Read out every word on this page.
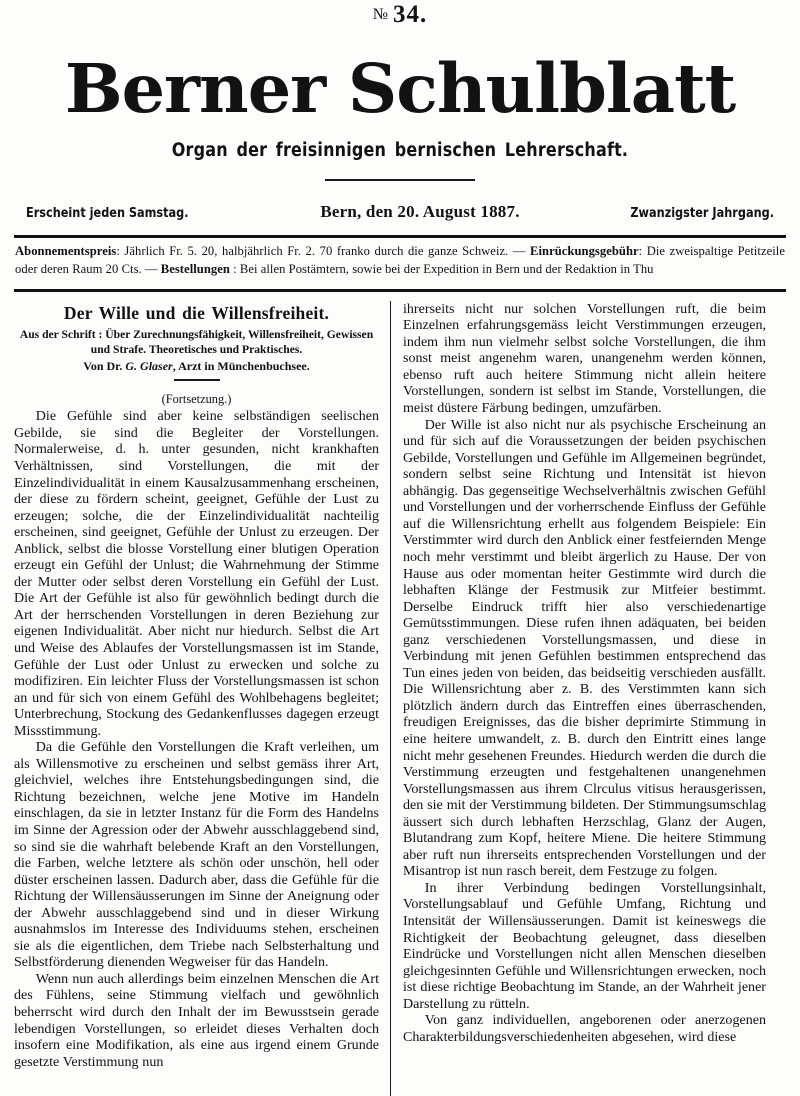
№ 34.
Berner Schulblatt
Organ der freisinnigen bernischen Lehrerschaft.
Erscheint jeden Samstag.	Bern, den 20. August 1887.	Zwanzigster Jahrgang.
Abonnementspreis: Jährlich Fr. 5. 20, halbjährlich Fr. 2. 70 franko durch die ganze Schweiz. — Einrückungsgebühr: Die zweispaltige Petitzeile oder deren Raum 20 Cts. — Bestellungen : Bei allen Postämtern, sowie bei der Expedition in Bern und der Redaktion in Thu
Der Wille und die Willensfreiheit.
Aus der Schrift : Über Zurechnungsfähigkeit, Willensfreiheit, Gewissen
und Strafe. Theoretisches und Praktisches.
Von Dr. G. Glaser, Arzt in Münchenbuchsee.
(Fortsetzung.)

Die Gefühle sind aber keine selbständigen seelischen Gebilde, sie sind die Begleiter der Vorstellungen. Normalerweise, d. h. unter gesunden, nicht krankhaften Verhältnissen, sind Vorstellungen, die mit der Einzelindividualität in einem Kausalzusammenhang erscheinen, der diese zu fördern scheint, geeignet, Gefühle der Lust zu erzeugen; solche, die der Einzelindividualität nachteilig erscheinen, sind geeignet, Gefühle der Unlust zu erzeugen. Der Anblick, selbst die blosse Vorstellung einer blutigen Operation erzeugt ein Gefühl der Unlust; die Wahrnehmung der Stimme der Mutter oder selbst deren Vorstellung ein Gefühl der Lust. Die Art der Gefühle ist also für gewöhnlich bedingt durch die Art der herrschenden Vorstellungen in deren Beziehung zur eigenen Individualität. Aber nicht nur hiedurch. Selbst die Art und Weise des Ablaufes der Vorstellungsmassen ist im Stande, Gefühle der Lust oder Unlust zu erwecken und solche zu modifiziren. Ein leichter Fluss der Vorstellungsmassen ist schon an und für sich von einem Gefühl des Wohlbehagens begleitet; Unterbrechung, Stockung des Gedankenflusses dagegen erzeugt Missstimmung.

Da die Gefühle den Vorstellungen die Kraft verleihen, um als Willensmotive zu erscheinen und selbst gemäss ihrer Art, gleichviel, welches ihre Entstehungsbedingungen sind, die Richtung bezeichnen, welche jene Motive im Handeln einschlagen, da sie in letzter Instanz für die Form des Handelns im Sinne der Agression oder der Abwehr ausschlaggebend sind, so sind sie die wahrhaft belebende Kraft an den Vorstellungen, die Farben, welche letztere als schön oder unschön, hell oder düster erscheinen lassen. Dadurch aber, dass die Gefühle für die Richtung der Willensäusserungen im Sinne der Aneignung oder der Abwehr ausschlaggebend sind und in dieser Wirkung ausnahmslos im Interesse des Individuums stehen, erscheinen sie als die eigentlichen, dem Triebe nach Selbsterhaltung und Selbstförderung dienenden Wegweiser für das Handeln.

Wenn nun auch allerdings beim einzelnen Menschen die Art des Fühlens, seine Stimmung vielfach und gewöhnlich beherrscht wird durch den Inhalt der im Bewusstsein gerade lebendigen Vorstellungen, so erleidet dieses Verhalten doch insofern eine Modifikation, als eine aus irgend einem Grunde gesetzte Verstimmung nun

ihrerseits nicht nur solchen Vorstellungen ruft, die beim Einzelnen erfahrungsgemäss leicht Verstimmungen erzeugen, indem ihm nun vielmehr selbst solche Vorstellungen, die ihm sonst meist angenehm waren, unangenehm werden können, ebenso ruft auch heitere Stimmung nicht allein heitere Vorstellungen, sondern ist selbst im Stande, Vorstellungen, die meist düstere Färbung bedingen, umzufärben.

Der Wille ist also nicht nur als psychische Erscheinung an und für sich auf die Voraussetzungen der beiden psychischen Gebilde, Vorstellungen und Gefühle im Allgemeinen begründet, sondern selbst seine Richtung und Intensität ist hievon abhängig. Das gegenseitige Wechselverhältnis zwischen Gefühl und Vorstellungen und der vorherrschende Einfluss der Gefühle auf die Willensrichtung erhellt aus folgendem Beispiele: Ein Verstimmter wird durch den Anblick einer festfeiernden Menge noch mehr verstimmt und bleibt ärgerlich zu Hause. Der von Hause aus oder momentan heiter Gestimmte wird durch die lebhaften Klänge der Festmusik zur Mitfeier bestimmt. Derselbe Eindruck trifft hier also verschiedenartige Gemütsstimmungen. Diese rufen ihnen adäquaten, bei beiden ganz verschiedenen Vorstellungsmassen, und diese in Verbindung mit jenen Gefühlen bestimmen entsprechend das Tun eines jeden von beiden, das beidseitig verschieden ausfällt. Die Willensrichtung aber z. B. des Verstimmten kann sich plötzlich ändern durch das Eintreffen eines überraschenden, freudigen Ereignisses, das die bisher deprimirte Stimmung in eine heitere umwandelt, z. B. durch den Eintritt eines lange nicht mehr gesehenen Freundes. Hiedurch werden die durch die Verstimmung erzeugten und festgehaltenen unangenehmen Vorstellungsmassen aus ihrem Clrculus vitisus herausgerissen, den sie mit der Verstimmung bildeten. Der Stimmungsumschlag äussert sich durch lebhaften Herzschlag, Glanz der Augen, Blutandrang zum Kopf, heitere Miene. Die heitere Stimmung aber ruft nun ihrerseits entsprechenden Vorstellungen und der Misantrop ist nun rasch bereit, dem Festzuge zu folgen.

In ihrer Verbindung bedingen Vorstellungsinhalt, Vorstellungsablauf und Gefühle Umfang, Richtung und Intensität der Willensäusserungen. Damit ist keineswegs die Richtigkeit der Beobachtung geleugnet, dass dieselben Eindrücke und Vorstellungen nicht allen Menschen dieselben gleichgesinnten Gefühle und Willensrichtungen erwecken, noch ist diese richtige Beobachtung im Stande, an der Wahrheit jener Darstellung zu rütteln.

Von ganz individuellen, angeborenen oder anerzogenen Charakterbildungsverschiedenheiten abgesehen, wird diese
